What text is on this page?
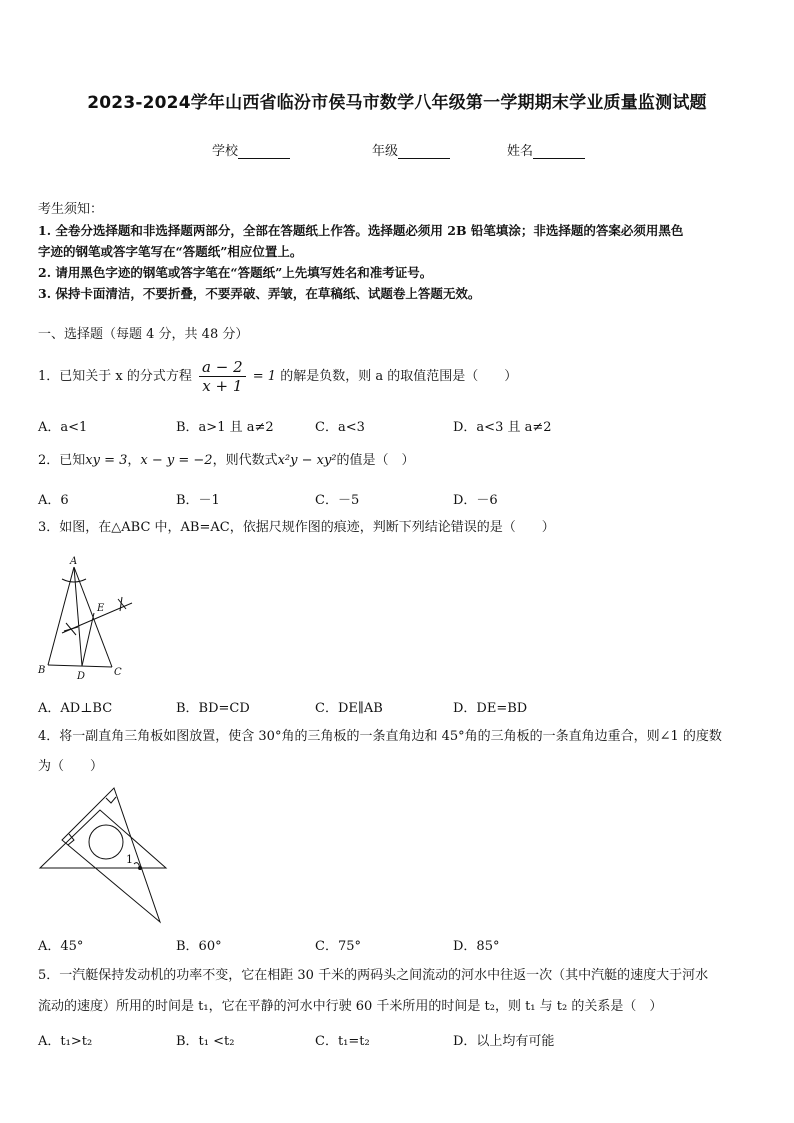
2023-2024学年山西省临汾市侯马市数学八年级第一学期期末学业质量监测试题
学校	年级	姓名
考生须知：
1. 全卷分选择题和非选择题两部分，全部在答题纸上作答。选择题必须用 2B 铅笔填涂；非选择题的答案必须用黑色
字迹的钢笔或答字笔写在“答题纸”相应位置上。
2. 请用黑色字迹的钢笔或答字笔在“答题纸”上先填写姓名和准考证号。
3. 保持卡面清洁，不要折叠，不要弄破、弄皱，在草稿纸、试题卷上答题无效。
一、选择题（每题 4 分，共 48 分）
1．已知关于 x 的分式方程 $\frac{a - 2}{x + 1} = 1$ 的解是负数，则 a 的取值范围是（　　）
A．a<1	B．a>1 且 a≠2	C．a<3	D．a<3 且 a≠2
2．已知xy = 3，x − y = −2，则代数式x²y − xy²的值是（　）
A．6	B．－1	C．－5	D．－6
3．如图，在△ABC 中，AB=AC，依据尺规作图的痕迹，判断下列结论错误的是（　　）
A
B	C
D
E
A．AD⊥BC	B．BD=CD	C．DE∥AB	D．DE=BD
4．将一副直角三角板如图放置，使含 30°角的三角板的一条直角边和 45°角的三角板的一条直角边重合，则∠1 的度数
为（　　）
1
A．45°	B．60°	C．75°	D．85°
5．一汽艇保持发动机的功率不变，它在相距 30 千米的两码头之间流动的河水中往返一次（其中汽艇的速度大于河水
流动的速度）所用的时间是 t₁，它在平静的河水中行驶 60 千米所用的时间是 t₂，则 t₁ 与 t₂ 的关系是（　）
A．t₁>t₂	B．t₁ <t₂	C．t₁=t₂	D．以上均有可能
